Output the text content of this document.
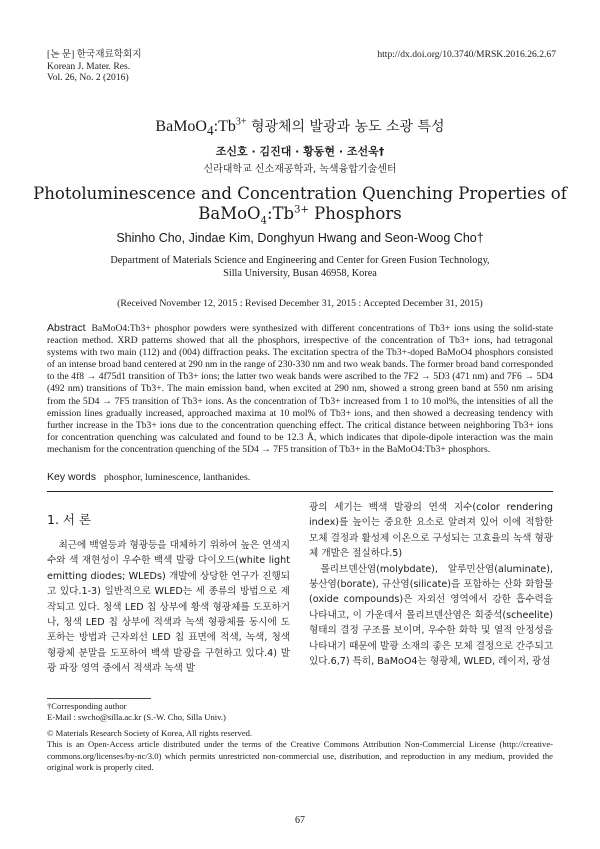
[논 문] 한국재료학회지
Korean J. Mater. Res.
Vol. 26, No. 2 (2016)
http://dx.doi.org/10.3740/MRSK.2016.26.2.67
$BaMoO_4:Tb^{3+}$ 형광체의 발광과 농도 소광 특성
조신호 · 김진대 · 황동현 · 조선욱†
신라대학교 신소재공학과, 녹색융합기술센터
Photoluminescence and Concentration Quenching Properties of
$BaMoO_4:Tb^{3+}$ Phosphors
Shinho Cho, Jindae Kim, Donghyun Hwang and Seon-Woog Cho†
Department of Materials Science and Engineering and Center for Green Fusion Technology,
Silla University, Busan 46958, Korea
(Received November 12, 2015 : Revised December 31, 2015 : Accepted December 31, 2015)
Abstract BaMoO4:Tb3+ phosphor powders were synthesized with different concentrations of Tb3+ ions using the solid-state reaction method. XRD patterns showed that all the phosphors, irrespective of the concentration of Tb3+ ions, had tetragonal systems with two main (112) and (004) diffraction peaks. The excitation spectra of the Tb3+-doped BaMoO4 phosphors consisted of an intense broad band centered at 290 nm in the range of 230-330 nm and two weak bands. The former broad band corresponded to the 4f8 → 4f75d1 transition of Tb3+ ions; the latter two weak bands were ascribed to the 7F2 → 5D3 (471 nm) and 7F6 → 5D4 (492 nm) transitions of Tb3+. The main emission band, when excited at 290 nm, showed a strong green band at 550 nm arising from the 5D4 → 7F5 transition of Tb3+ ions. As the concentration of Tb3+ increased from 1 to 10 mol%, the intensities of all the emission lines gradually increased, approached maxima at 10 mol% of Tb3+ ions, and then showed a decreasing tendency with further increase in the Tb3+ ions due to the concentration quenching effect. The critical distance between neighboring Tb3+ ions for concentration quenching was calculated and found to be 12.3 Å, which indicates that dipole-dipole interaction was the main mechanism for the concentration quenching of the 5D4 → 7F5 transition of Tb3+ in the BaMoO4:Tb3+ phosphors.
Key words phosphor, luminescence, lanthanides.
1. 서 론

최근에 백열등과 형광등을 대체하기 위하여 높은 연색지수와 색 재현성이 우수한 백색 발광 다이오드(white light emitting diodes; WLEDs) 개발에 상당한 연구가 진행되고 있다.1-3) 일반적으로 WLED는 세 종류의 방법으로 제작되고 있다. 청색 LED 칩 상부에 황색 형광체를 도포하거나, 청색 LED 칩 상부에 적색과 녹색 형광체를 동시에 도포하는 방법과 근자외선 LED 칩 표면에 적색, 녹색, 청색 형광체 분말을 도포하여 백색 발광을 구현하고 있다.4) 발광 파장 영역 중에서 적색과 녹색 발

광의 세기는 백색 발광의 연색 지수(color rendering index)를 높이는 중요한 요소로 알려져 있어 이에 적합한 모체 결정과 활성제 이온으로 구성되는 고효율의 녹색 형광체 개발은 절실하다.5)

몰리브덴산염(molybdate), 알루민산염(aluminate), 붕산염(borate), 규산염(silicate)을 포함하는 산화 화합물(oxide compounds)은 자외선 영역에서 강한 흡수력을 나타내고, 이 가운데서 몰리브덴산염은 회중석(scheelite) 형태의 결정 구조를 보이며, 우수한 화학 및 열적 안정성을 나타내기 때문에 발광 소재의 좋은 모체 결정으로 간주되고 있다.6,7) 특히, BaMoO4는 형광체, WLED, 레이저, 광섬

†Corresponding author
E-Mail : swcho@silla.ac.kr (S.-W. Cho, Silla Univ.)
© Materials Research Society of Korea, All rights reserved.
This is an Open-Access article distributed under the terms of the Creative Commons Attribution Non-Commercial License (http://creative-commons.org/licenses/by-nc/3.0) which permits unrestricted non-commercial use, distribution, and reproduction in any medium, provided the original work is properly cited.
67
